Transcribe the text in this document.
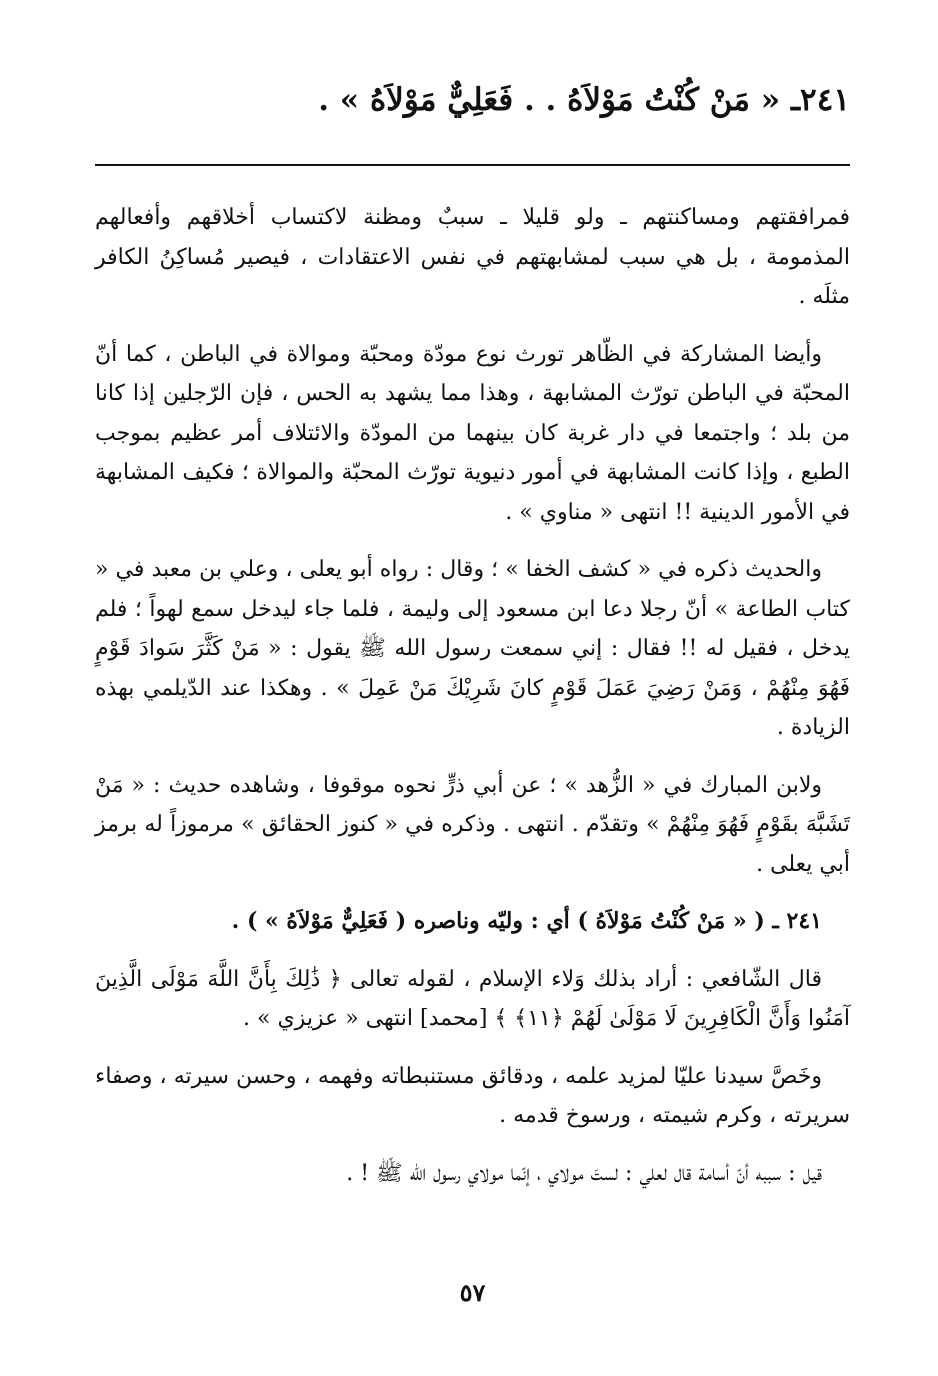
٢٤١ـ « مَنْ كُنْتُ مَوْلاَهُ . . فَعَلِيٌّ مَوْلاَهُ » .

فمرافقتهم ومساكنتهم ـ ولو قليلا ـ سببٌ ومظنة لاكتساب أخلاقهم وأفعالهم المذمومة ، بل هي سبب لمشابهتهم في نفس الاعتقادات ، فيصير مُساكِنُ الكافر مثلَه .

وأيضا المشاركة في الظّاهر تورث نوع مودّة ومحبّة وموالاة في الباطن ، كما أنّ المحبّة في الباطن تورّث المشابهة ، وهذا مما يشهد به الحس ، فإن الرّجلين إذا كانا من بلد ؛ واجتمعا في دار غربة كان بينهما من المودّة والائتلاف أمر عظيم بموجب الطبع ، وإذا كانت المشابهة في أمور دنيوية تورّث المحبّة والموالاة ؛ فكيف المشابهة في الأمور الدينية !! انتهى « مناوي » .

والحديث ذكره في « كشف الخفا » ؛ وقال : رواه أبو يعلى ، وعلي بن معبد في « كتاب الطاعة » أنّ رجلا دعا ابن مسعود إلى وليمة ، فلما جاء ليدخل سمع لهواً ؛ فلم يدخل ، فقيل له !! فقال : إني سمعت رسول الله ﷺ يقول : « مَنْ كَثَّرَ سَوادَ قَوْمٍ فَهُوَ مِنْهُمْ ، وَمَنْ رَضِيَ عَمَلَ قَوْمٍ كانَ شَرِيْكَ مَنْ عَمِلَ » . وهكذا عند الدّيلمي بهذه الزيادة .

ولابن المبارك في « الزُّهد » ؛ عن أبي ذرٍّ نحوه موقوفا ، وشاهده حديث : « مَنْ تَشَبَّهَ بقَوْمٍ فَهُوَ مِنْهُمْ » وتقدّم . انتهى . وذكره في « كنوز الحقائق » مرموزاً له برمز أبي يعلى .

٢٤١ ـ ( « مَنْ كُنْتُ مَوْلاَهُ ) أي : وليّه وناصره ( فَعَلِيٌّ مَوْلاَهُ » ) .

قال الشّافعي : أراد بذلك وَلاء الإسلام ، لقوله تعالى ﴿ ذَٰلِكَ بِأَنَّ اللَّهَ مَوْلَى الَّذِينَ آمَنُوا وَأَنَّ الْكَافِرِينَ لَا مَوْلَىٰ لَهُمْ ﴿١١﴾ ﴾ [محمد] انتهى « عزيزي » .

وخَصَّ سيدنا عليّا لمزيد علمه ، ودقائق مستنبطاته وفهمه ، وحسن سيرته ، وصفاء سريرته ، وكرم شيمته ، ورسوخ قدمه .

قيل : سببه أنّ أسامة قال لعلي : لستَ مولاي ، إنّما مولاي رسول الله ﷺ ! .

٥٧
